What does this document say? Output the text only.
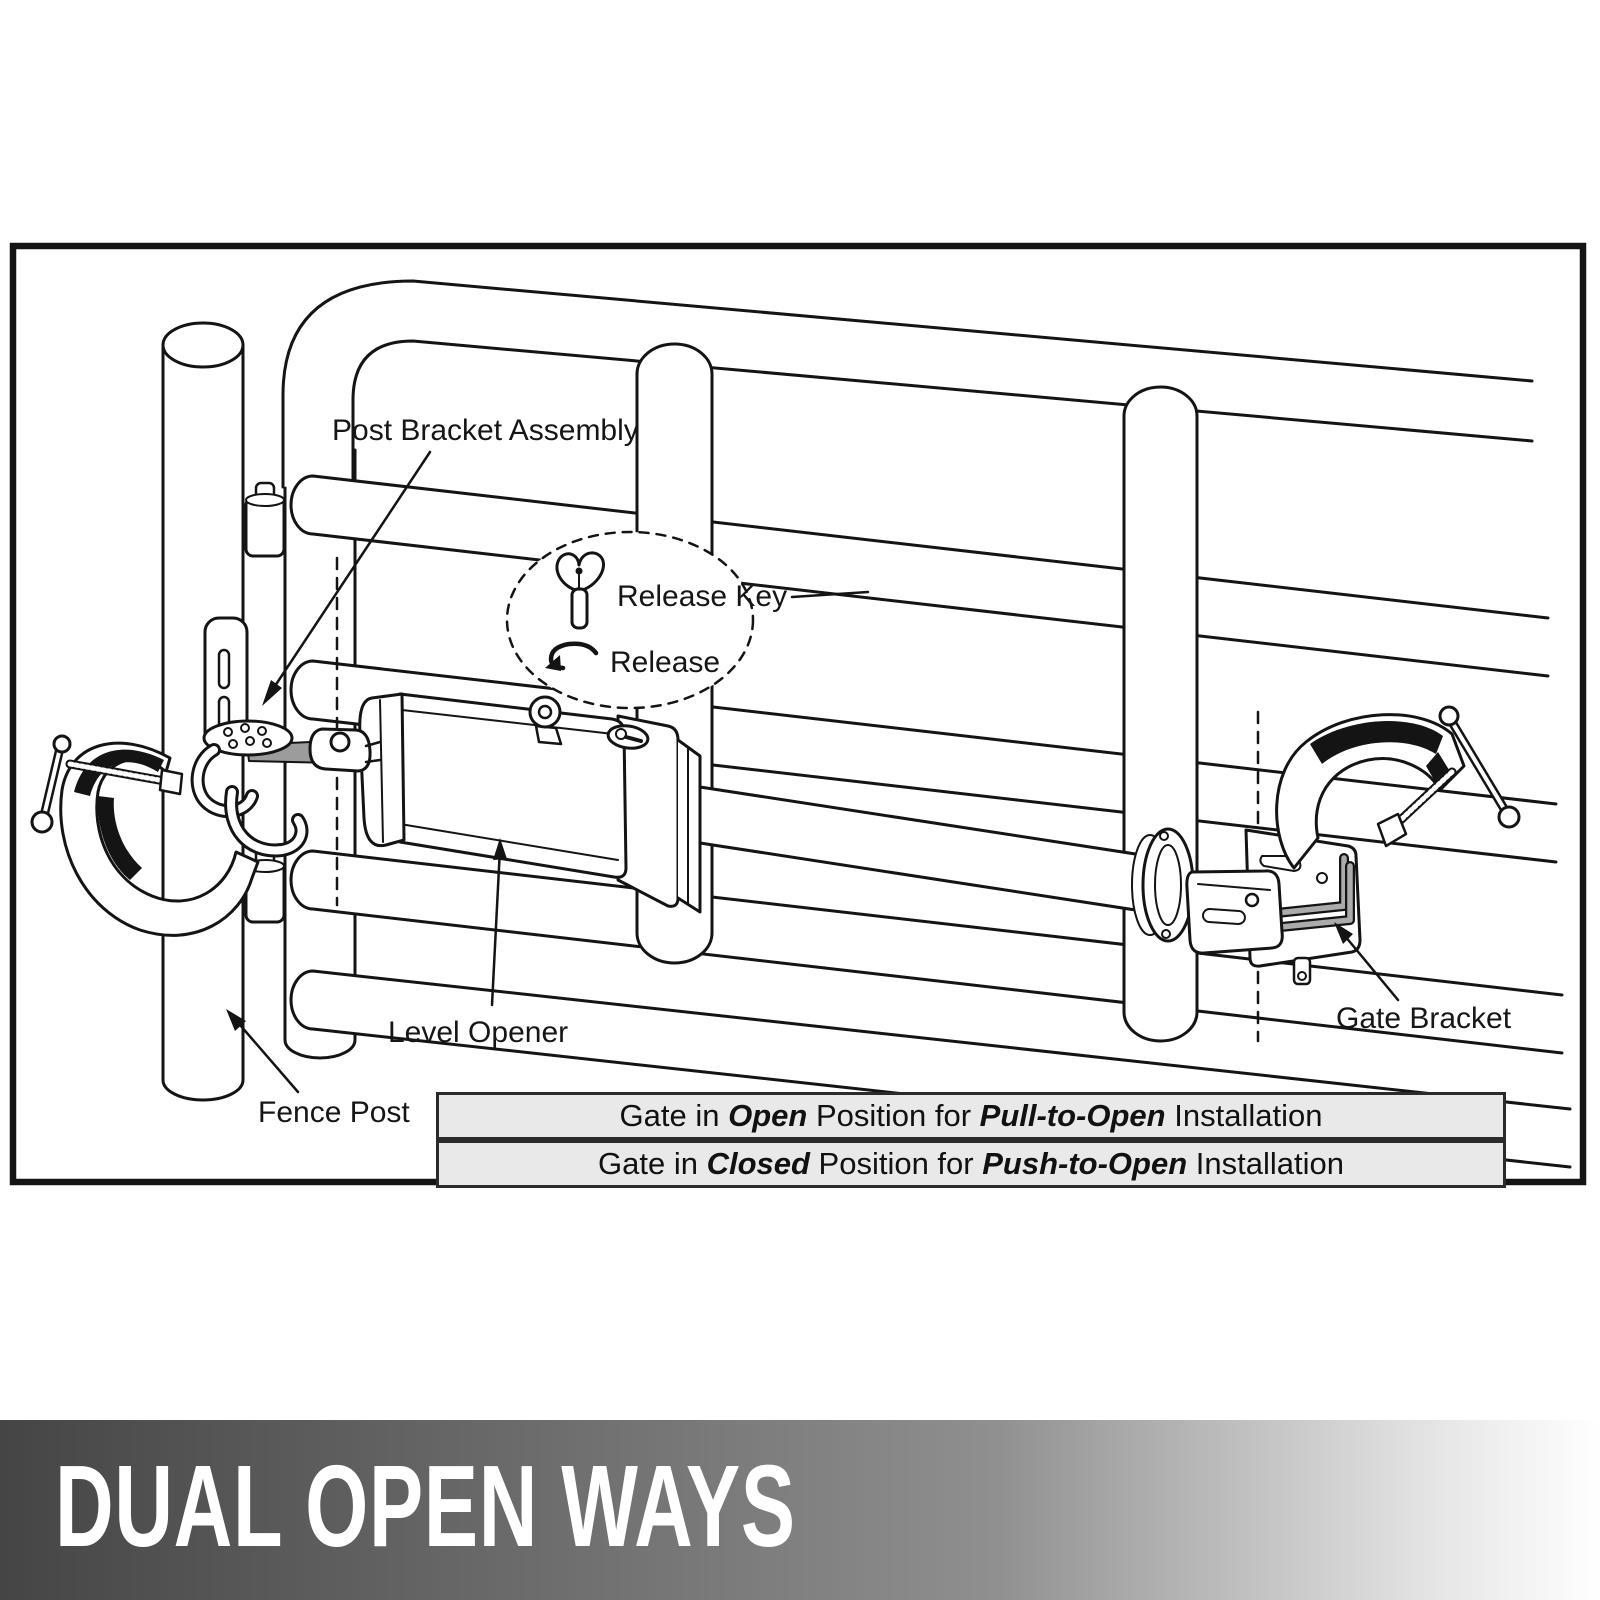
Post Bracket Assembly
Release Key
Release
Level Opener
Fence Post
Gate Bracket
Gate in Open Position for Pull-to-Open Installation
Gate in Closed Position for Push-to-Open Installation
DUAL OPEN WAYS
